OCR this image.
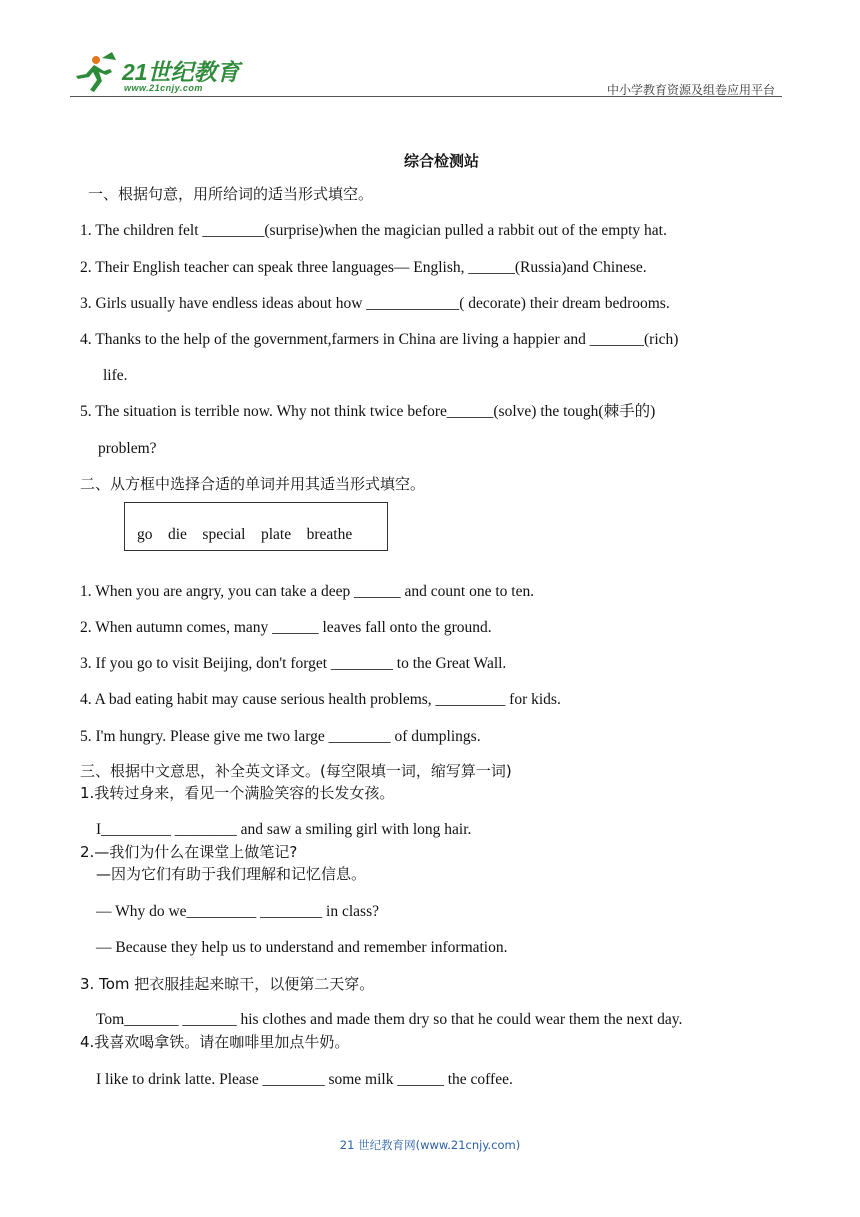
21世纪教育
www.21cnjy.com	中小学教育资源及组卷应用平台
综合检测站
一、根据句意，用所给词的适当形式填空。
1. The children felt ________(surprise)when the magician pulled a rabbit out of the empty hat.
2. Their English teacher can speak three languages— English, ______(Russia)and Chinese.
3. Girls usually have endless ideas about how ____________( decorate) their dream bedrooms.
4. Thanks to the help of the government,farmers in China are living a happier and _______(rich)
life.
5. The situation is terrible now. Why not think twice before______(solve) the tough(棘手的)
problem?
二、从方框中选择合适的单词并用其适当形式填空。
go    die    special    plate    breathe
1. When you are angry, you can take a deep ______ and count one to ten.
2. When autumn comes, many ______ leaves fall onto the ground.
3. If you go to visit Beijing, don't forget ________ to the Great Wall.
4. A bad eating habit may cause serious health problems, _________ for kids.
5. I'm hungry. Please give me two large ________ of dumplings.
三、根据中文意思，补全英文译文。(每空限填一词，缩写算一词)
1.我转过身来，看见一个满脸笑容的长发女孩。
I_________ ________ and saw a smiling girl with long hair.
2.—我们为什么在课堂上做笔记?
—因为它们有助于我们理解和记忆信息。
— Why do we_________ ________ in class?
— Because they help us to understand and remember information.
3. Tom 把衣服挂起来晾干，以便第二天穿。
Tom_______ _______ his clothes and made them dry so that he could wear them the next day.
4.我喜欢喝拿铁。请在咖啡里加点牛奶。
I like to drink latte. Please ________ some milk ______ the coffee.
21 世纪教育网(www.21cnjy.com)
